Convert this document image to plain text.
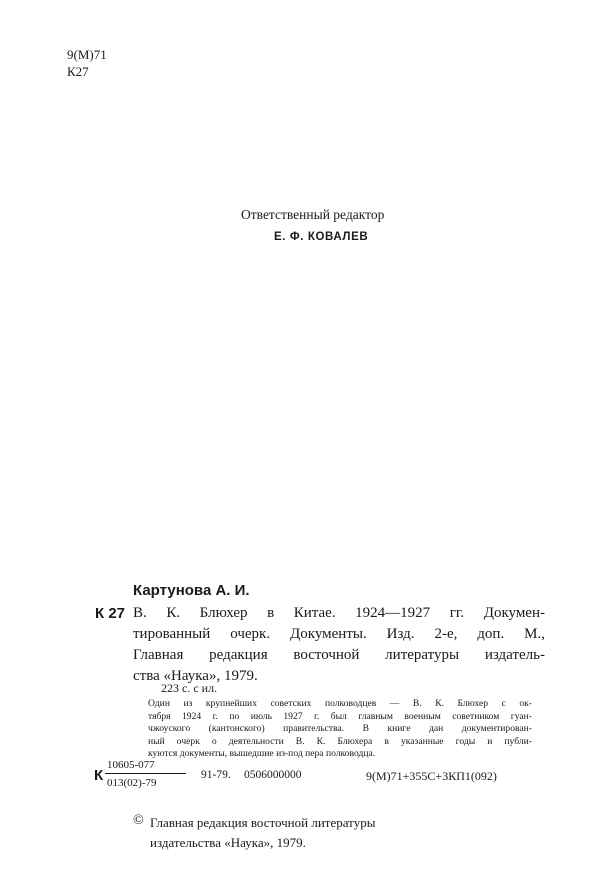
9(М)71
К27
Ответственный редактор
Е. Ф. КОВАЛЕВ
Картунова А. И.
К 27 В. К. Блюхер в Китае. 1924—1927 гг. Докумен-
тированный очерк. Документы. Изд. 2-е, доп. М.,
Главная редакция восточной литературы издатель-
ства «Наука», 1979.
223 с. с ил.
Один из крупнейших советских полководцев — В. К. Блюхер с ок-
тября 1924 г. по июль 1927 г. был главным военным советником гуан-
чжоуского (кантонского) правительства. В книге дан документирован-
ный очерк о деятельности В. К. Блюхера в указанные годы и публи-
куются документы, вышедшие из-под пера полководца.
К
10605-077
013(02)-79
91-79. 0506000000	9(М)71+355С+3КП1(092)
© Главная редакция восточной литературы
издательства «Наука», 1979.
